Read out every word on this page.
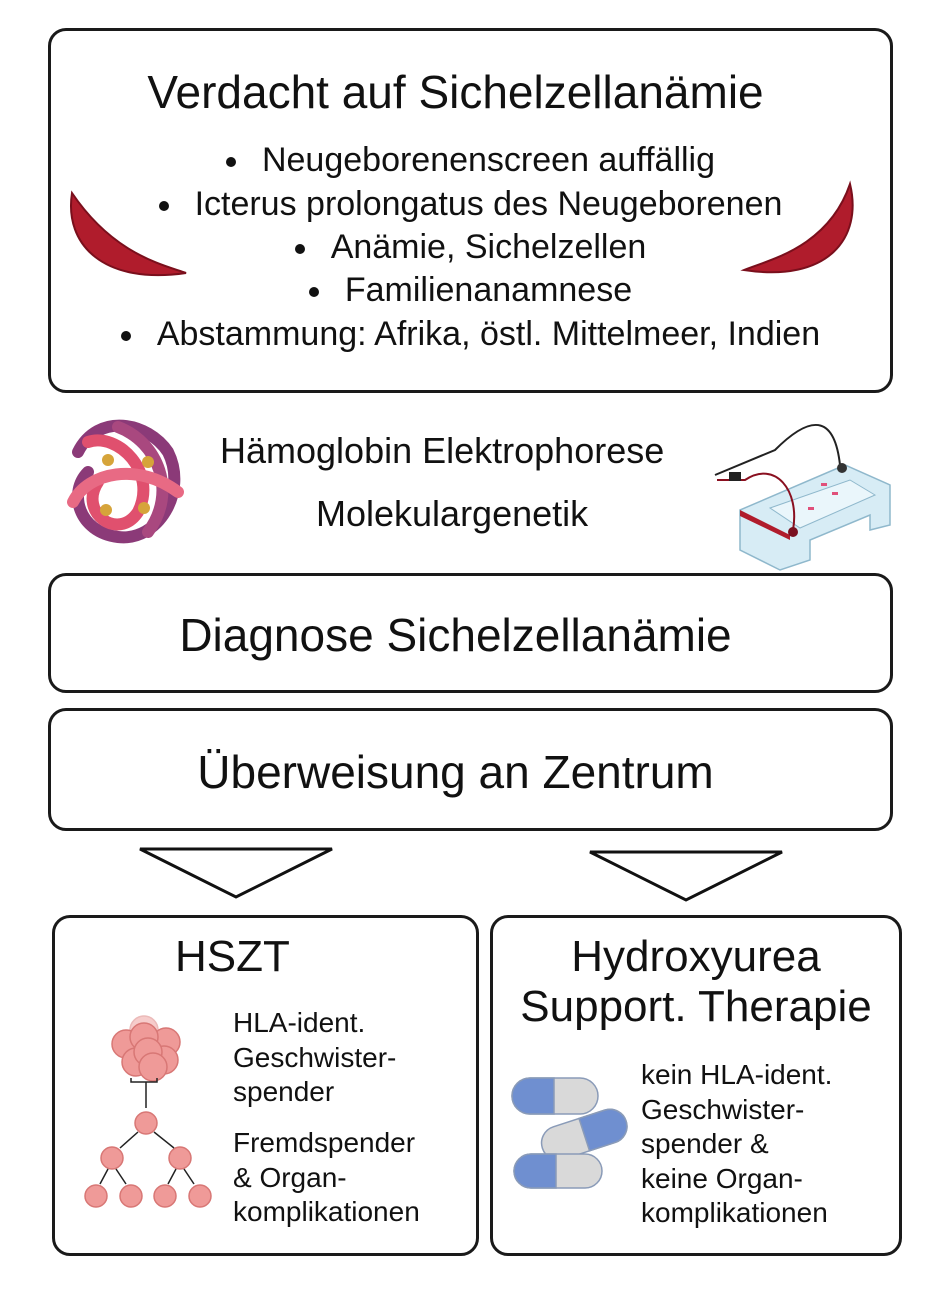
Verdacht auf Sichelzellanämie
Neugeborenenscreen auffällig
Icterus prolongatus des Neugeborenen
Anämie, Sichelzellen
Familienanamnese
Abstammung: Afrika, östl. Mittelmeer, Indien
Hämoglobin Elektrophorese
Molekulargenetik
Diagnose Sichelzellanämie
Überweisung an Zentrum
HSZT
HLA-ident.
Geschwister-
spender
Fremdspender
& Organ-
komplikationen
Hydroxyurea
Support. Therapie
kein HLA-ident.
Geschwister-
spender &
keine Organ-
komplikationen
